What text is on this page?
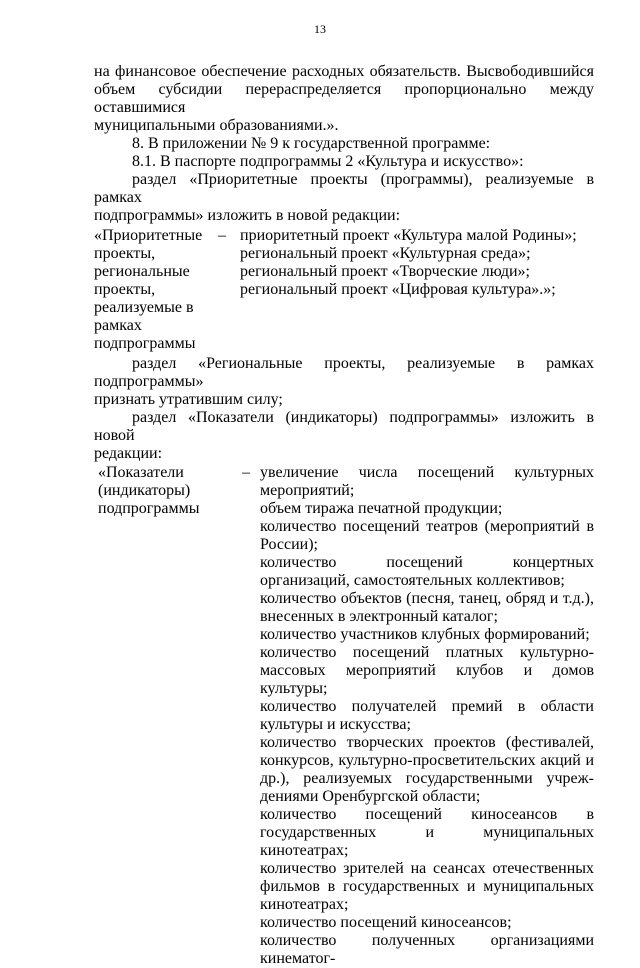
13

на финансовое обеспечение расходных обязательств. Высвободившийся

объем субсидии перераспределяется пропорционально между оставшимися

муниципальными образованиями.».

8. В приложении № 9 к государственной программе:

8.1. В паспорте подпрограммы 2 «Культура и искусство»:

раздел «Приоритетные проекты (программы), реализуемые в рамках

подпрограммы» изложить в новой редакции:

«Приоритетные

проекты,

региональные

проекты,

реализуемые в

рамках

подпрограммы

– приоритетный проект «Культура малой Родины»;

региональный проект «Культурная среда»;

региональный проект «Творческие люди»;

региональный проект «Цифровая культура».»;

раздел «Региональные проекты, реализуемые в рамках подпрограммы»

признать утратившим силу;

раздел «Показатели (индикаторы) подпрограммы» изложить в новой

редакции:

«Показатели

(индикаторы)

подпрограммы

– увеличение числа посещений культурных мероприятий;

объем тиража печатной продукции;

количество посещений театров (мероприятий в России);

количество посещений концертных организаций, самостоятельных коллективов;

количество объектов (песня, танец, обряд и т.д.), внесенных в электронный каталог;

количество участников клубных формирований;

количество посещений платных культурно-массовых мероприятий клубов и домов культуры;

количество получателей премий в области культуры и искусства;

количество творческих проектов (фестивалей, конкурсов, культурно-просветительских акций и др.), реализуемых государственными учреж-дениями Оренбургской области;

количество посещений киносеансов в государственных и муниципальных кинотеатрах;

количество зрителей на сеансах отечественных фильмов в государственных и муниципальных кинотеатрах;

количество посещений киносеансов;

количество полученных организациями кинематог-
